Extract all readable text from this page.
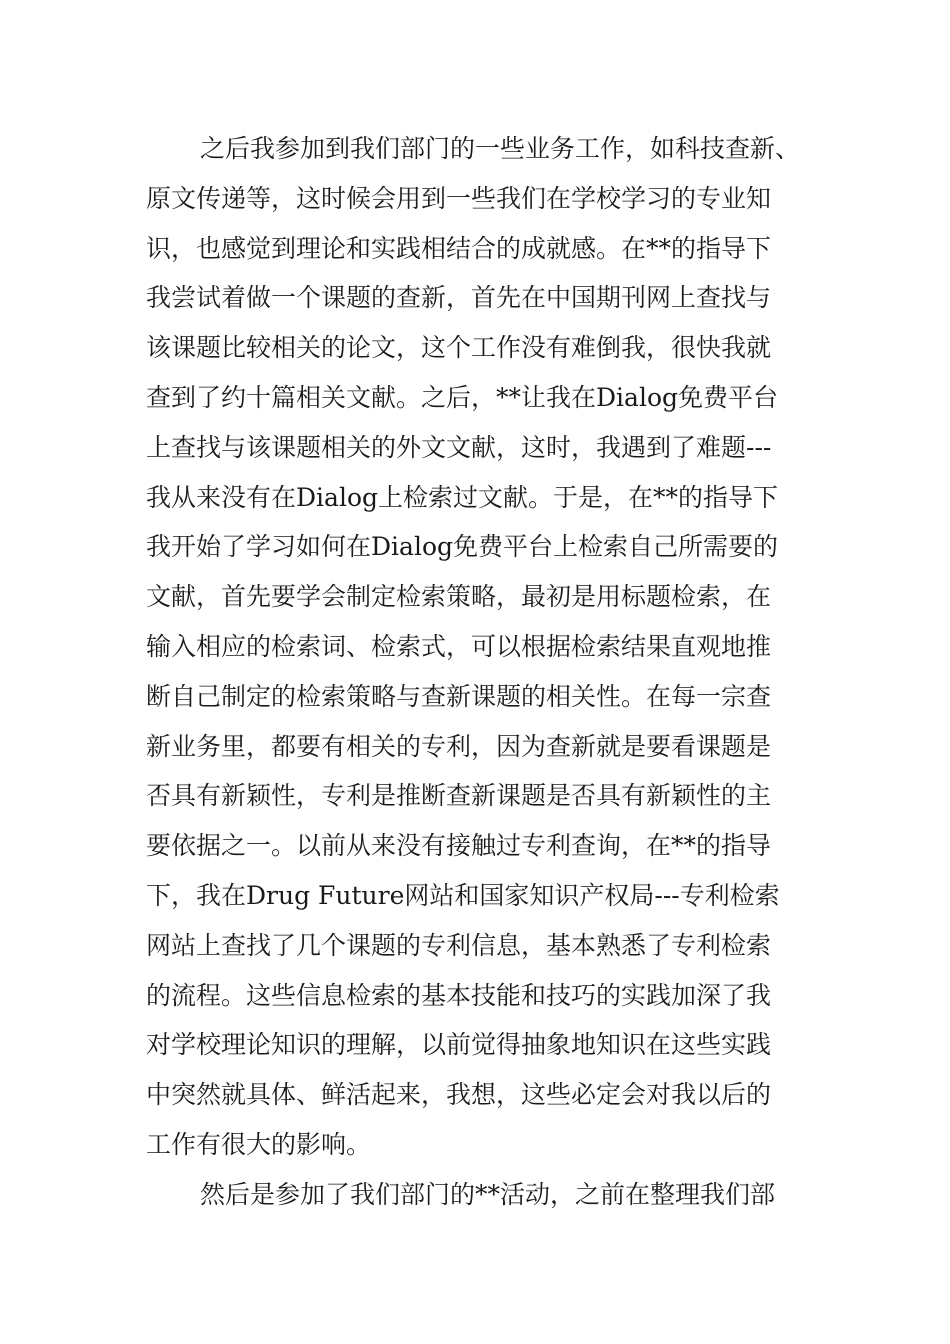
之后我参加到我们部门的一些业务工作，如科技查新、
原文传递等，这时候会用到一些我们在学校学习的专业知
识，也感觉到理论和实践相结合的成就感。在**的指导下
我尝试着做一个课题的查新，首先在中国期刊网上查找与
该课题比较相关的论文，这个工作没有难倒我，很快我就
查到了约十篇相关文献。之后，**让我在Dialog免费平台
上查找与该课题相关的外文文献，这时，我遇到了难题---
我从来没有在Dialog上检索过文献。于是，在**的指导下
我开始了学习如何在Dialog免费平台上检索自己所需要的
文献，首先要学会制定检索策略，最初是用标题检索，在
输入相应的检索词、检索式，可以根据检索结果直观地推
断自己制定的检索策略与查新课题的相关性。在每一宗查
新业务里，都要有相关的专利，因为查新就是要看课题是
否具有新颖性，专利是推断查新课题是否具有新颖性的主
要依据之一。以前从来没有接触过专利查询，在**的指导
下，我在Drug Future网站和国家知识产权局---专利检索
网站上查找了几个课题的专利信息，基本熟悉了专利检索
的流程。这些信息检索的基本技能和技巧的实践加深了我
对学校理论知识的理解，以前觉得抽象地知识在这些实践
中突然就具体、鲜活起来，我想，这些必定会对我以后的
工作有很大的影响。
然后是参加了我们部门的**活动，之前在整理我们部
